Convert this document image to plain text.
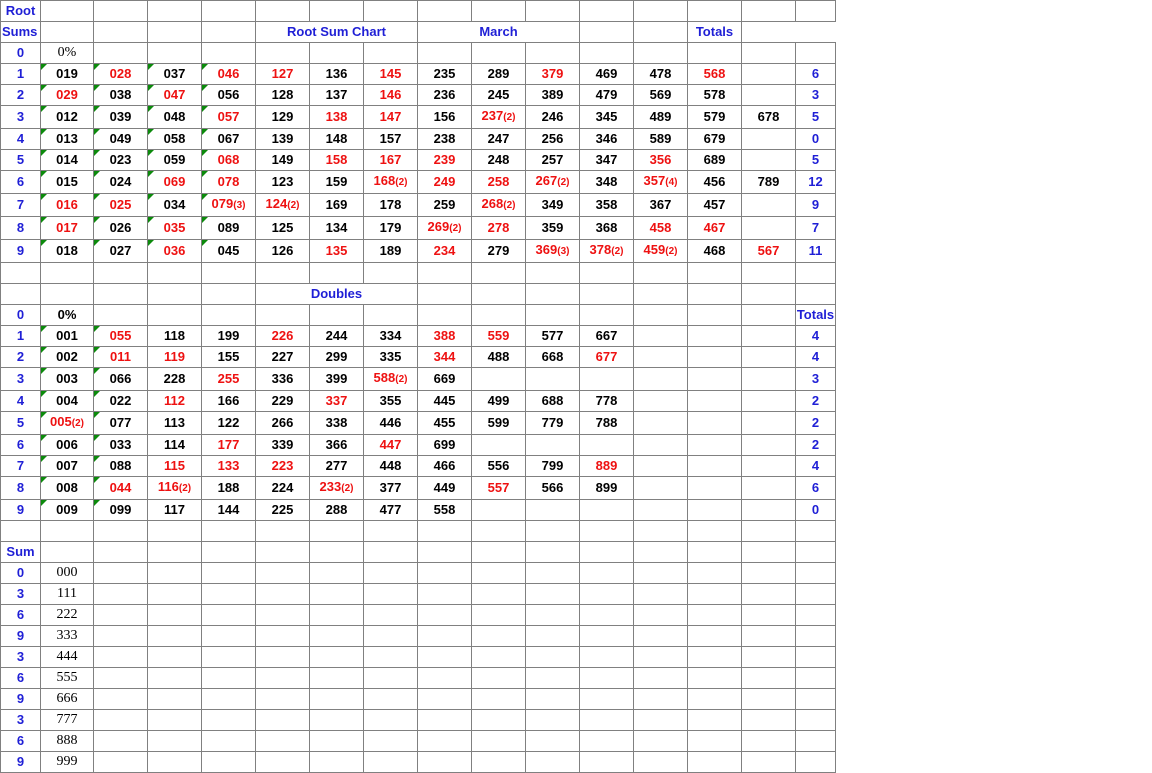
Root															
Sums					Root Sum Chart			March					Totals		
0	0%														
1	019	028	037	046	127	136	145	235	289	379	469	478	568		6
2	029	038	047	056	128	137	146	236	245	389	479	569	578		3
3	012	039	048	057	129	138	147	156	237(2)	246	345	489	579	678	5
4	013	049	058	067	139	148	157	238	247	256	346	589	679		0
5	014	023	059	068	149	158	167	239	248	257	347	356	689		5
6	015	024	069	078	123	159	168(2)	249	258	267(2)	348	357(4)	456	789	12
7	016	025	034	079(3)	124(2)	169	178	259	268(2)	349	358	367	457		9
8	017	026	035	089	125	134	179	269(2)	278	359	368	458	467		7
9	018	027	036	045	126	135	189	234	279	369(3)	378(2)	459(2)	468	567	11

					Doubles										
0	0%														Totals
1	001	055	118	199	226	244	334	388	559	577	667				4
2	002	011	119	155	227	299	335	344	488	668	677				4
3	003	066	228	255	336	399	588(2)	669							3
4	004	022	112	166	229	337	355	445	499	688	778				2
5	005(2)	077	113	122	266	338	446	455	599	779	788				2
6	006	033	114	177	339	366	447	699							2
7	007	088	115	133	223	277	448	466	556	799	889				4
8	008	044	116(2)	188	224	233(2)	377	449	557	566	899				6
9	009	099	117	144	225	288	477	558							0

Sum															
0	000														
3	111														
6	222														
9	333														
3	444														
6	555														
9	666														
3	777														
6	888														
9	999														
